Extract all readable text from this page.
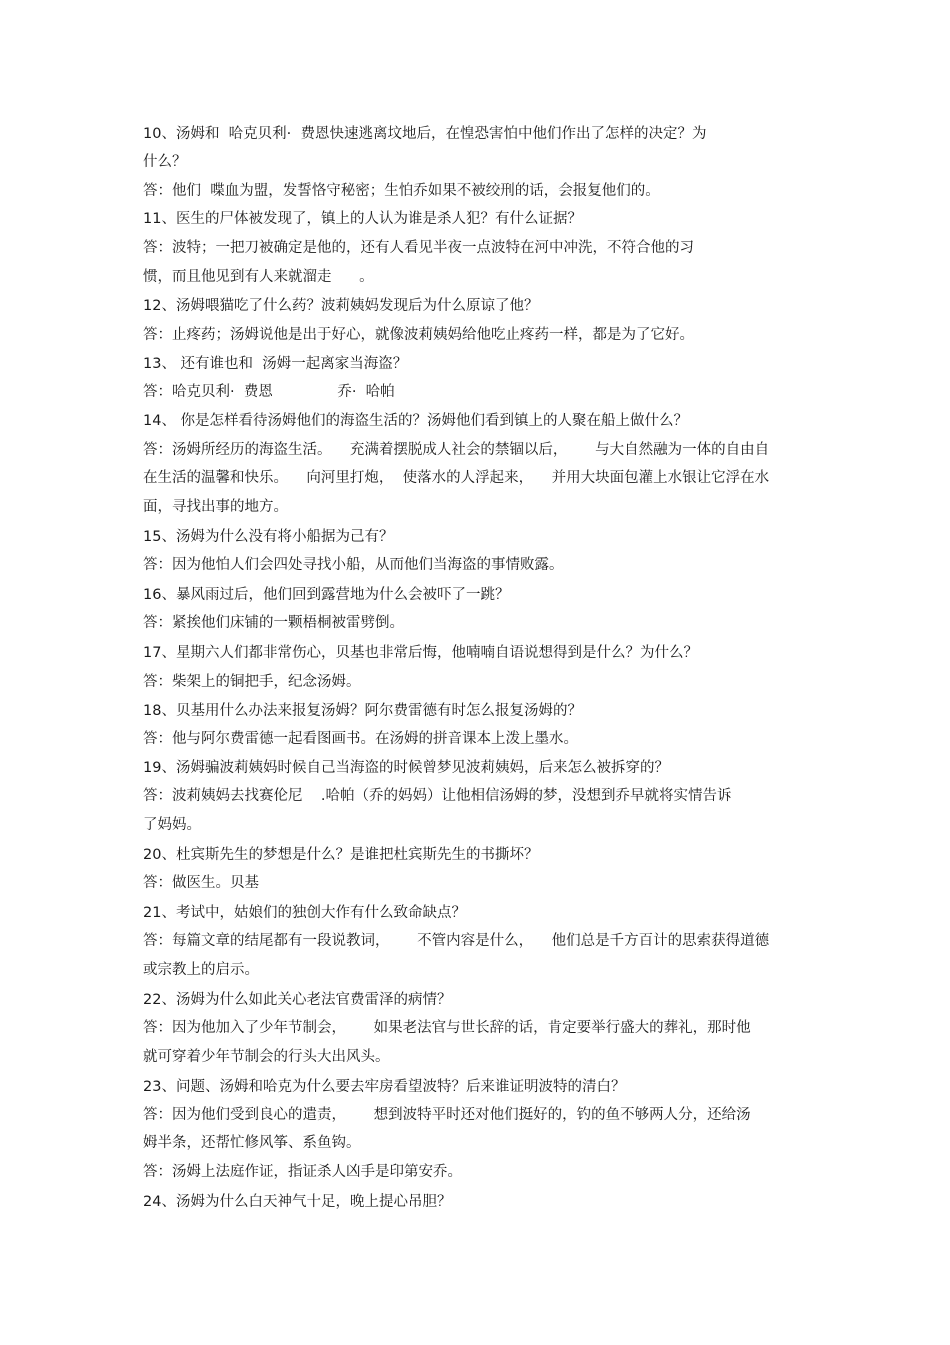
10、汤姆和  哈克贝利·  费恩快速逃离坟地后，在惶恐害怕中他们作出了怎样的决定？为
什么？
答：他们  喋血为盟，发誓恪守秘密；生怕乔如果不被绞刑的话，会报复他们的。
11、医生的尸体被发现了，镇上的人认为谁是杀人犯？有什么证据？
答：波特；一把刀被确定是他的，还有人看见半夜一点波特在河中冲洗，不符合他的习
惯，而且他见到有人来就溜走      。
12、汤姆喂猫吃了什么药？波莉姨妈发现后为什么原谅了他？
答：止疼药；汤姆说他是出于好心，就像波莉姨妈给他吃止疼药一样，都是为了它好。
13、 还有谁也和  汤姆一起离家当海盗？
答：哈克贝利·  费恩              乔·  哈帕
14、 你是怎样看待汤姆他们的海盗生活的？汤姆他们看到镇上的人聚在船上做什么？
答：汤姆所经历的海盗生活。    充满着摆脱成人社会的禁锢以后，      与大自然融为一体的自由自
在生活的温馨和快乐。    向河里打炮，  使落水的人浮起来，    并用大块面包灌上水银让它浮在水
面，寻找出事的地方。
15、汤姆为什么没有将小船据为己有？
答：因为他怕人们会四处寻找小船，从而他们当海盗的事情败露。
16、暴风雨过后，他们回到露营地为什么会被吓了一跳？
答：紧挨他们床铺的一颗梧桐被雷劈倒。
17、星期六人们都非常伤心，贝基也非常后悔，他喃喃自语说想得到是什么？为什么？
答：柴架上的铜把手，纪念汤姆。
18、贝基用什么办法来报复汤姆？阿尔费雷德有时怎么报复汤姆的？
答：他与阿尔费雷德一起看图画书。在汤姆的拼音课本上泼上墨水。
19、汤姆骗波莉姨妈时候自己当海盗的时候曾梦见波莉姨妈，后来怎么被拆穿的？
答：波莉姨妈去找赛伦尼    .哈帕（乔的妈妈）让他相信汤姆的梦，没想到乔早就将实情告诉
了妈妈。
20、杜宾斯先生的梦想是什么？是谁把杜宾斯先生的书撕坏？
答：做医生。贝基
21、考试中，姑娘们的独创大作有什么致命缺点？
答：每篇文章的结尾都有一段说教词，      不管内容是什么，    他们总是千方百计的思索获得道德
或宗教上的启示。
22、汤姆为什么如此关心老法官费雷泽的病情？
答：因为他加入了少年节制会，      如果老法官与世长辞的话，肯定要举行盛大的葬礼，那时他
就可穿着少年节制会的行头大出风头。
23、问题、汤姆和哈克为什么要去牢房看望波特？后来谁证明波特的清白？
答：因为他们受到良心的遣责，      想到波特平时还对他们挺好的，钓的鱼不够两人分，还给汤
姆半条，还帮忙修风筝、系鱼钩。
答：汤姆上法庭作证，指证杀人凶手是印第安乔。
24、汤姆为什么白天神气十足，晚上提心吊胆？
